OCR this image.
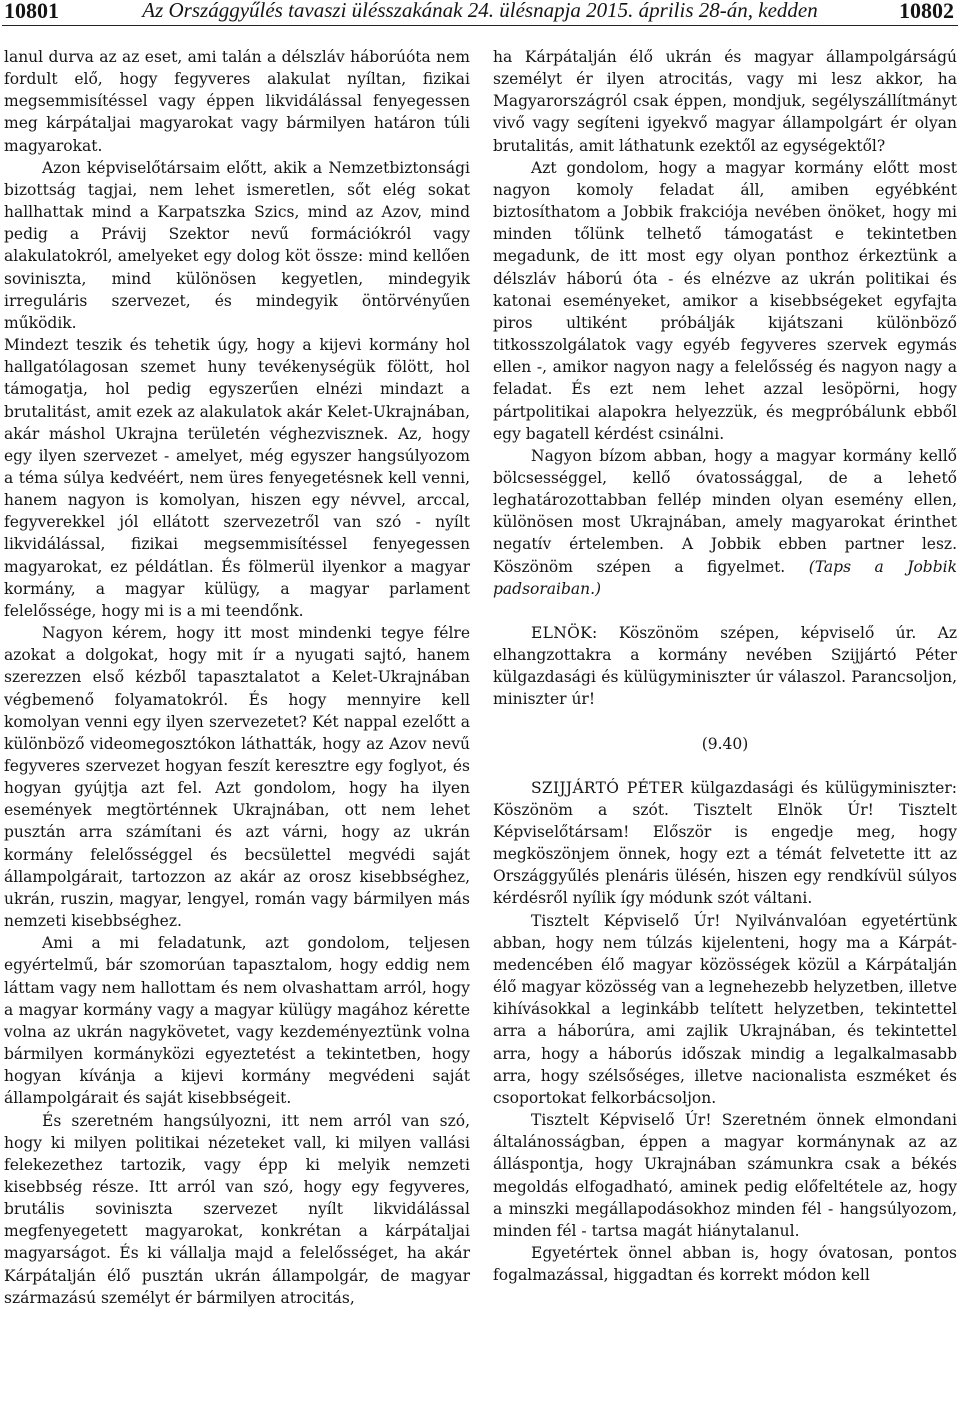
10801	Az Országgyűlés tavaszi ülésszakának 24. ülésnapja 2015. április 28-án, kedden	10802

lanul durva az az eset, ami talán a délszláv háborúóta nem fordult elő, hogy fegyveres alakulat nyíltan, fizikai megsemmisítéssel vagy éppen likvidálással fenyegessen meg kárpátaljai magyarokat vagy bármilyen határon túli magyarokat.

Azon képviselőtársaim előtt, akik a Nemzetbiztonsági bizottság tagjai, nem lehet ismeretlen, sőt elég sokat hallhattak mind a Karpatszka Szics, mind az Azov, mind pedig a Právij Szektor nevű formációkról vagy alakulatokról, amelyeket egy dolog köt össze: mind kellően soviniszta, mind különösen kegyetlen, mindegyik irreguláris szervezet, és mindegyik öntörvényűen működik.

Mindezt teszik és tehetik úgy, hogy a kijevi kormány hol hallgatólagosan szemet huny tevékenységük fölött, hol támogatja, hol pedig egyszerűen elnézi mindazt a brutalitást, amit ezek az alakulatok akár Kelet-Ukrajnában, akár máshol Ukrajna területén véghezvisznek. Az, hogy egy ilyen szervezet - amelyet, még egyszer hangsúlyozom a téma súlya kedvéért, nem üres fenyegetésnek kell venni, hanem nagyon is komolyan, hiszen egy névvel, arccal, fegyverekkel jól ellátott szervezetről van szó - nyílt likvidálással, fizikai megsemmisítéssel fenyegessen magyarokat, ez példátlan. És fölmerül ilyenkor a magyar kormány, a magyar külügy, a magyar parlament felelőssége, hogy mi is a mi teendőnk.

Nagyon kérem, hogy itt most mindenki tegye félre azokat a dolgokat, hogy mit ír a nyugati sajtó, hanem szerezzen első kézből tapasztalatot a Kelet-Ukrajnában végbemenő folyamatokról. És hogy mennyire kell komolyan venni egy ilyen szervezetet? Két nappal ezelőtt a különböző videomegosztókon láthatták, hogy az Azov nevű fegyveres szervezet hogyan feszít keresztre egy foglyot, és hogyan gyújtja azt fel. Azt gondolom, hogy ha ilyen események megtörténnek Ukrajnában, ott nem lehet pusztán arra számítani és azt várni, hogy az ukrán kormány felelősséggel és becsülettel megvédi saját állampolgárait, tartozzon az akár az orosz kisebbséghez, ukrán, ruszin, magyar, lengyel, román vagy bármilyen más nemzeti kisebbséghez.

Ami a mi feladatunk, azt gondolom, teljesen egyértelmű, bár szomorúan tapasztalom, hogy eddig nem láttam vagy nem hallottam és nem olvashattam arról, hogy a magyar kormány vagy a magyar külügy magához kérette volna az ukrán nagykövetet, vagy kezdeményeztünk volna bármilyen kormányközi egyeztetést a tekintetben, hogy hogyan kívánja a kijevi kormány megvédeni saját állampolgárait és saját kisebbségeit.

És szeretném hangsúlyozni, itt nem arról van szó, hogy ki milyen politikai nézeteket vall, ki milyen vallási felekezethez tartozik, vagy épp ki melyik nemzeti kisebbség része. Itt arról van szó, hogy egy fegyveres, brutális soviniszta szervezet nyílt likvidálással megfenyegetett magyarokat, konkrétan a kárpátaljai magyarságot. És ki vállalja majd a felelősséget, ha akár Kárpátalján élő pusztán ukrán állampolgár, de magyar származású személyt ér bármilyen atrocitás,

ha Kárpátalján élő ukrán és magyar állampolgárságú személyt ér ilyen atrocitás, vagy mi lesz akkor, ha Magyarországról csak éppen, mondjuk, segélyszállítmányt vivő vagy segíteni igyekvő magyar állampolgárt ér olyan brutalitás, amit láthatunk ezektől az egységektől?

Azt gondolom, hogy a magyar kormány előtt most nagyon komoly feladat áll, amiben egyébként biztosíthatom a Jobbik frakciója nevében önöket, hogy mi minden tőlünk telhető támogatást e tekintetben megadunk, de itt most egy olyan ponthoz érkeztünk a délszláv háború óta - és elnézve az ukrán politikai és katonai eseményeket, amikor a kisebbségeket egyfajta piros ultiként próbálják kijátszani különböző titkosszolgálatok vagy egyéb fegyveres szervek egymás ellen -, amikor nagyon nagy a felelősség és nagyon nagy a feladat. És ezt nem lehet azzal lesöpörni, hogy pártpolitikai alapokra helyezzük, és megpróbálunk ebből egy bagatell kérdést csinálni.

Nagyon bízom abban, hogy a magyar kormány kellő bölcsességgel, kellő óvatossággal, de a lehető leghatározottabban fellép minden olyan esemény ellen, különösen most Ukrajnában, amely magyarokat érinthet negatív értelemben. A Jobbik ebben partner lesz. Köszönöm szépen a figyelmet. (Taps a Jobbik padsoraiban.)

ELNÖK: Köszönöm szépen, képviselő úr. Az elhangzottakra a kormány nevében Szijjártó Péter külgazdasági és külügyminiszter úr válaszol. Parancsoljon, miniszter úr!

(9.40)

SZIJJÁRTÓ PÉTER külgazdasági és külügyminiszter: Köszönöm a szót. Tisztelt Elnök Úr! Tisztelt Képviselőtársam! Először is engedje meg, hogy megköszönjem önnek, hogy ezt a témát felvetette itt az Országgyűlés plenáris ülésén, hiszen egy rendkívül súlyos kérdésről nyílik így módunk szót váltani.

Tisztelt Képviselő Úr! Nyilvánvalóan egyetértünk abban, hogy nem túlzás kijelenteni, hogy ma a Kárpát-medencében élő magyar közösségek közül a Kárpátalján élő magyar közösség van a legnehezebb helyzetben, illetve kihívásokkal a leginkább telített helyzetben, tekintettel arra a háborúra, ami zajlik Ukrajnában, és tekintettel arra, hogy a háborús időszak mindig a legalkalmasabb arra, hogy szélsőséges, illetve nacionalista eszméket és csoportokat felkorbácsoljon.

Tisztelt Képviselő Úr! Szeretném önnek elmondani általánosságban, éppen a magyar kormánynak az az álláspontja, hogy Ukrajnában számunkra csak a békés megoldás elfogadható, aminek pedig előfeltétele az, hogy a minszki megállapodásokhoz minden fél - hangsúlyozom, minden fél - tartsa magát hiánytalanul.

Egyetértek önnel abban is, hogy óvatosan, pontos fogalmazással, higgadtan és korrekt módon kell
